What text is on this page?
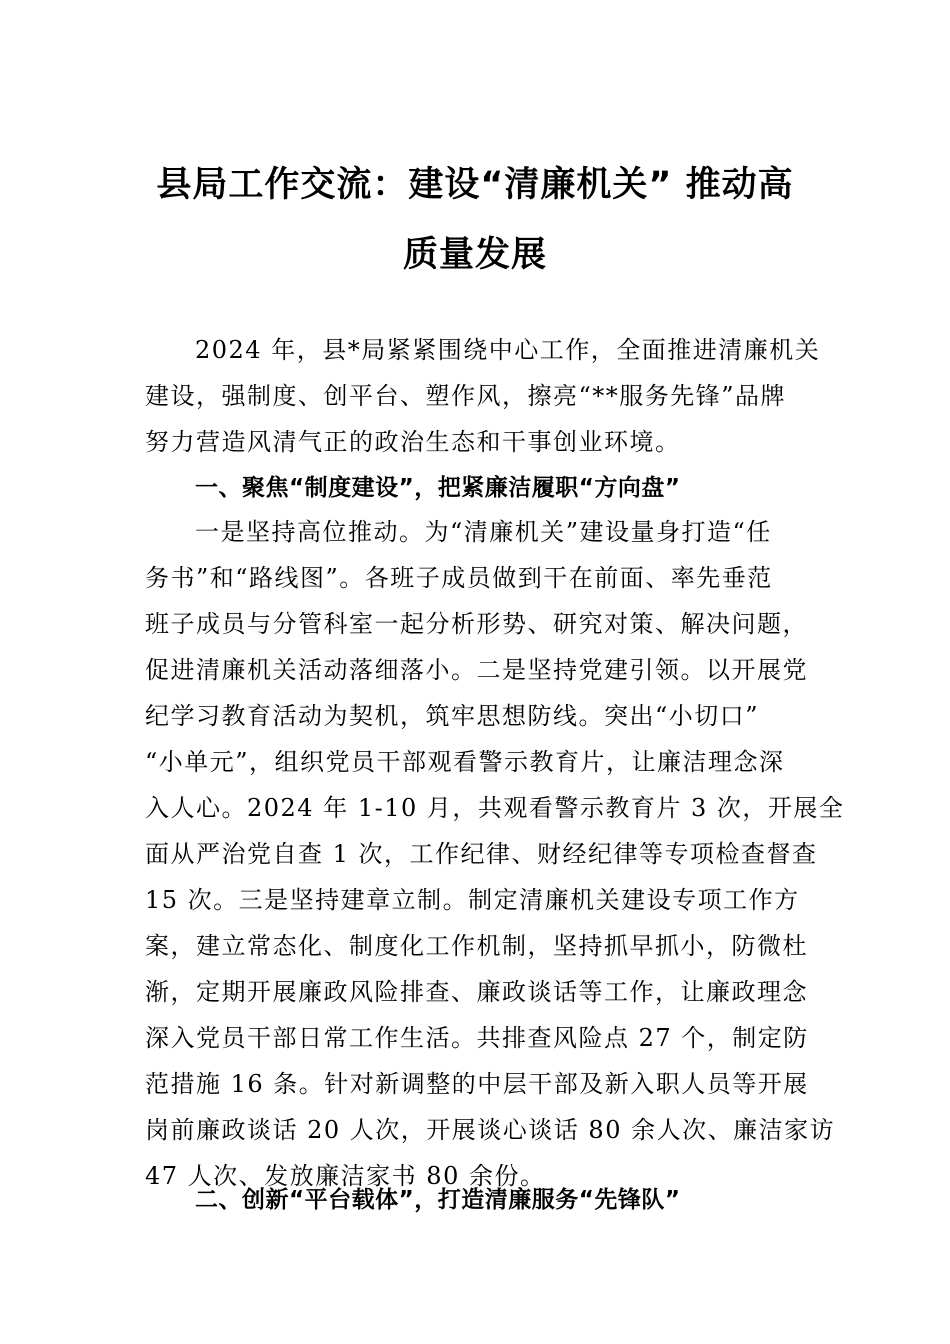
县局工作交流：建设“清廉机关” 推动高
质量发展
2024 年，县*局紧紧围绕中心工作，全面推进清廉机关
建设，强制度、创平台、塑作风，擦亮“**服务先锋”品牌
努力营造风清气正的政治生态和干事创业环境。
一、聚焦“制度建设”，把紧廉洁履职“方向盘”
一是坚持高位推动。为“清廉机关”建设量身打造“任
务书”和“路线图”。各班子成员做到干在前面、率先垂范
班子成员与分管科室一起分析形势、研究对策、解决问题，
促进清廉机关活动落细落小。二是坚持党建引领。以开展党
纪学习教育活动为契机，筑牢思想防线。突出“小切口”
“小单元”，组织党员干部观看警示教育片，让廉洁理念深
入人心。2024 年 1-10 月，共观看警示教育片 3 次，开展全
面从严治党自查 1 次，工作纪律、财经纪律等专项检查督查
15 次。三是坚持建章立制。制定清廉机关建设专项工作方
案，建立常态化、制度化工作机制，坚持抓早抓小，防微杜
渐，定期开展廉政风险排查、廉政谈话等工作，让廉政理念
深入党员干部日常工作生活。共排查风险点 27 个，制定防
范措施 16 条。针对新调整的中层干部及新入职人员等开展
岗前廉政谈话 20 人次，开展谈心谈话 80 余人次、廉洁家访
47 人次、发放廉洁家书 80 余份。
二、创新“平台载体”，打造清廉服务“先锋队”
